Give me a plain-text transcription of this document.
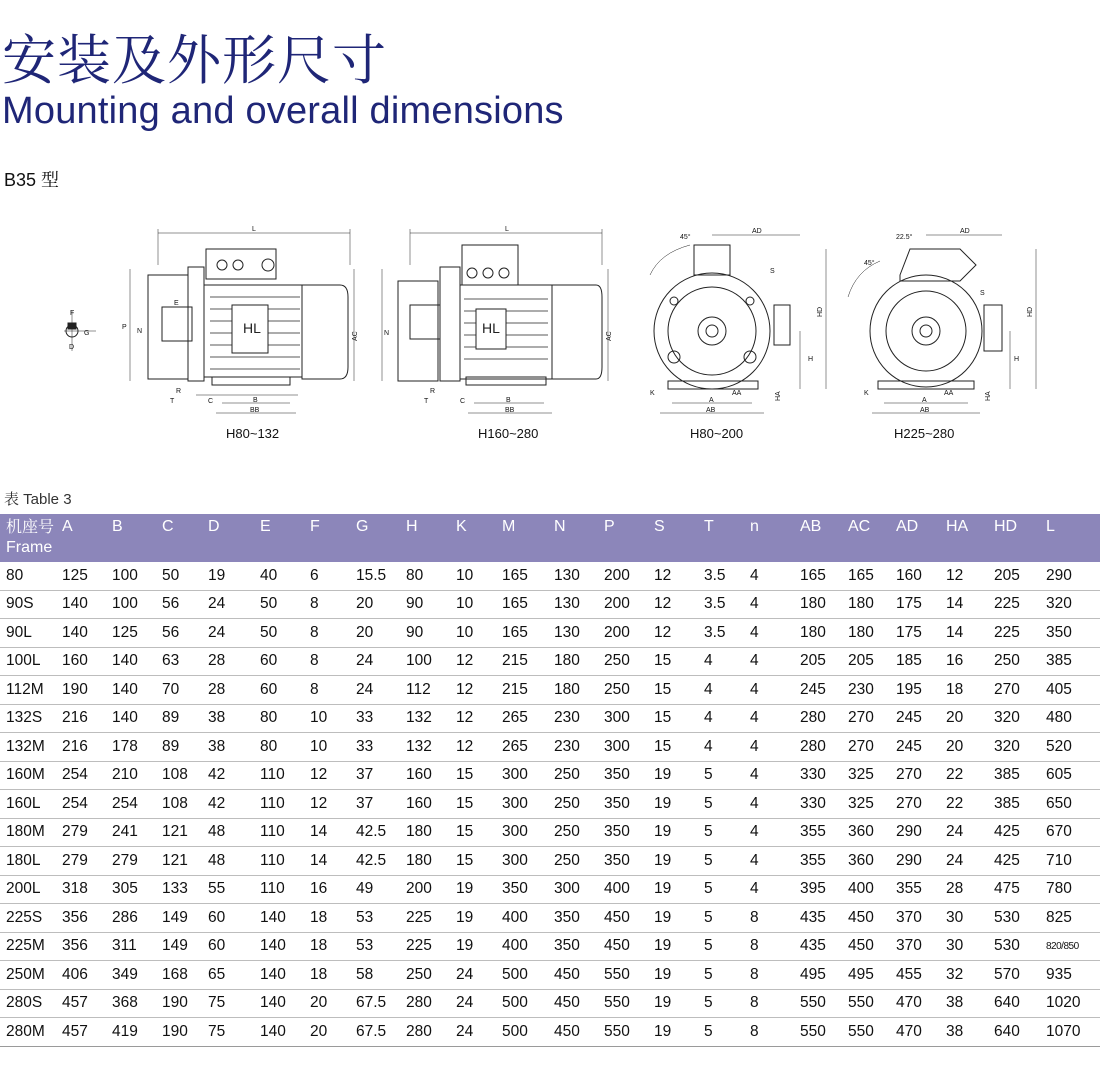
安装及外形尺寸
Mounting and overall dimensions
B35 型
F
G
D
L
E
P
N	HL
AC
R
T	C	B
BB
L
N	HL
AC
R
T	C	B
BB
AD
45°
S
HD
H
K	AA
A
AB
HA
AD
22.5°
45°
S
HD
H
K	AA
A
AB
HA
H80~132	H160~280	H80~200	H225~280
表 Table 3
机座号
Frame	A	B	C	D	E	F	G	H	K	M	N	P	S	T	n	AB	AC	AD	HA	HD	L
80	125	100	50	19	40	6	15.5	80	10	165	130	200	12	3.5	4	165	165	160	12	205	290
90S	140	100	56	24	50	8	20	90	10	165	130	200	12	3.5	4	180	180	175	14	225	320
90L	140	125	56	24	50	8	20	90	10	165	130	200	12	3.5	4	180	180	175	14	225	350
100L	160	140	63	28	60	8	24	100	12	215	180	250	15	4	4	205	205	185	16	250	385
112M	190	140	70	28	60	8	24	112	12	215	180	250	15	4	4	245	230	195	18	270	405
132S	216	140	89	38	80	10	33	132	12	265	230	300	15	4	4	280	270	245	20	320	480
132M	216	178	89	38	80	10	33	132	12	265	230	300	15	4	4	280	270	245	20	320	520
160M	254	210	108	42	110	12	37	160	15	300	250	350	19	5	4	330	325	270	22	385	605
160L	254	254	108	42	110	12	37	160	15	300	250	350	19	5	4	330	325	270	22	385	650
180M	279	241	121	48	110	14	42.5	180	15	300	250	350	19	5	4	355	360	290	24	425	670
180L	279	279	121	48	110	14	42.5	180	15	300	250	350	19	5	4	355	360	290	24	425	710
200L	318	305	133	55	110	16	49	200	19	350	300	400	19	5	4	395	400	355	28	475	780
225S	356	286	149	60	140	18	53	225	19	400	350	450	19	5	8	435	450	370	30	530	825
225M	356	311	149	60	140	18	53	225	19	400	350	450	19	5	8	435	450	370	30	530	820/850
250M	406	349	168	65	140	18	58	250	24	500	450	550	19	5	8	495	495	455	32	570	935
280S	457	368	190	75	140	20	67.5	280	24	500	450	550	19	5	8	550	550	470	38	640	1020
280M	457	419	190	75	140	20	67.5	280	24	500	450	550	19	5	8	550	550	470	38	640	1070
